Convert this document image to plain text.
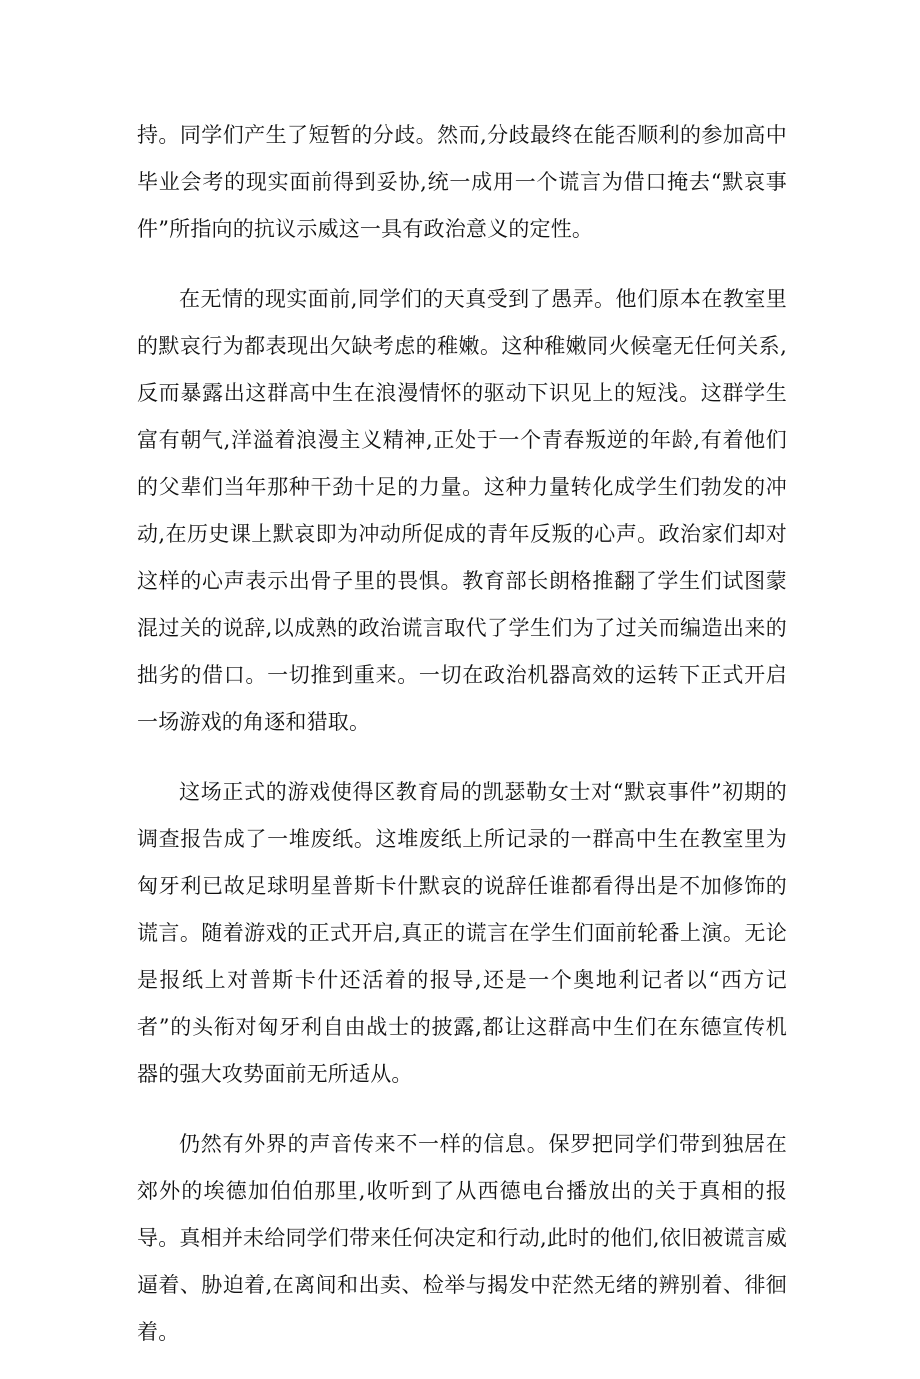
持。同学们产生了短暂的分歧。然而,分歧最终在能否顺利的参加高中毕业会考的现实面前得到妥协,统一成用一个谎言为借口掩去“默哀事件”所指向的抗议示威这一具有政治意义的定性。

在无情的现实面前,同学们的天真受到了愚弄。他们原本在教室里的默哀行为都表现出欠缺考虑的稚嫩。这种稚嫩同火候毫无任何关系,反而暴露出这群高中生在浪漫情怀的驱动下识见上的短浅。这群学生富有朝气,洋溢着浪漫主义精神,正处于一个青春叛逆的年龄,有着他们的父辈们当年那种干劲十足的力量。这种力量转化成学生们勃发的冲动,在历史课上默哀即为冲动所促成的青年反叛的心声。政治家们却对这样的心声表示出骨子里的畏惧。教育部长朗格推翻了学生们试图蒙混过关的说辞,以成熟的政治谎言取代了学生们为了过关而编造出来的拙劣的借口。一切推到重来。一切在政治机器高效的运转下正式开启一场游戏的角逐和猎取。

这场正式的游戏使得区教育局的凯瑟勒女士对“默哀事件”初期的调查报告成了一堆废纸。这堆废纸上所记录的一群高中生在教室里为匈牙利已故足球明星普斯卡什默哀的说辞任谁都看得出是不加修饰的谎言。随着游戏的正式开启,真正的谎言在学生们面前轮番上演。无论是报纸上对普斯卡什还活着的报导,还是一个奥地利记者以“西方记者”的头衔对匈牙利自由战士的披露,都让这群高中生们在东德宣传机器的强大攻势面前无所适从。

仍然有外界的声音传来不一样的信息。保罗把同学们带到独居在郊外的埃德加伯伯那里,收听到了从西德电台播放出的关于真相的报导。真相并未给同学们带来任何决定和行动,此时的他们,依旧被谎言威逼着、胁迫着,在离间和出卖、检举与揭发中茫然无绪的辨别着、徘徊着。
